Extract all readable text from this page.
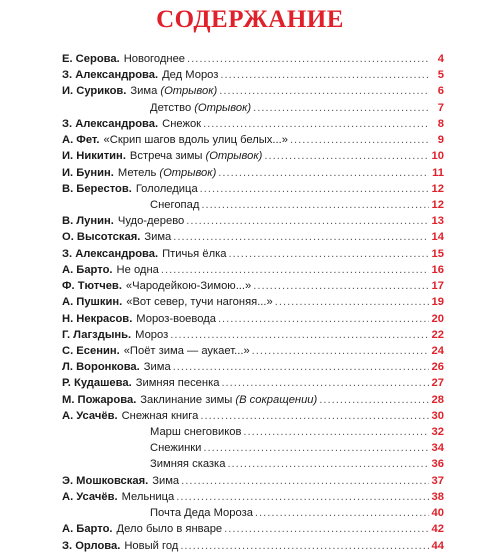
СОДЕРЖАНИЕ
Е. Серова . Новогоднее .....	4
З. Александрова . Дед Мороз .....	5
И. Суриков . Зима ( Отрывок ) .....	6
Детство ( Отрывок ) .....	7
З. Александрова . Снежок .....	8
А. Фет . «Скрип шагов вдоль улиц белых...» .....	9
И. Никитин . Встреча зимы ( Отрывок ) .....	10
И. Бунин . Метель ( Отрывок ) .....	11
В. Берестов . Гололедица .....	12
Снегопад .....	12
В. Лунин . Чудо-дерево .....	13
О. Высотская . Зима .....	14
З. Александрова . Птичья ёлка .....	15
А. Барто . Не одна .....	16
Ф. Тютчев . «Чародейкою-Зимою...» .....	17
А. Пушкин . «Вот север, тучи нагоняя...» .....	19
Н. Некрасов . Мороз-воевода .....	20
Г. Лагздынь . Мороз .....	22
С. Есенин . «Поёт зима — аукает...» .....	24
Л. Воронкова . Зима .....	26
Р. Кудашева . Зимняя песенка .....	27
М. Пожарова . Заклинание зимы ( В сокращении ) .....	28
А. Усачёв . Снежная книга .....	30
Марш снеговиков .....	32
Снежинки .....	34
Зимняя сказка .....	36
Э. Мошковская . Зима .....	37
А. Усачёв . Мельница .....	38
Почта Деда Мороза .....	40
А. Барто . Дело было в январе .....	42
З. Орлова . Новый год .....	44
